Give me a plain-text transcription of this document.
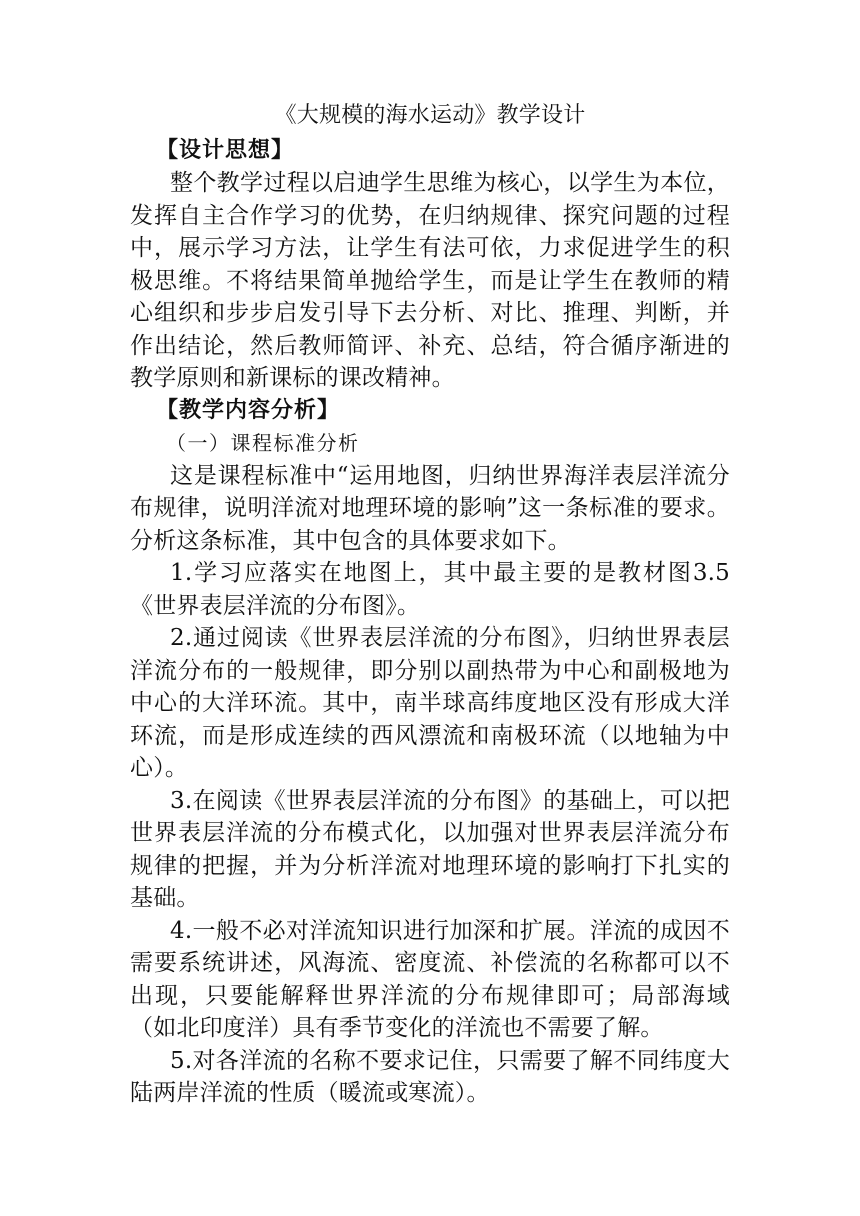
《大规模的海水运动》教学设计

【设计思想】

整个教学过程以启迪学生思维为核心，以学生为本位，发挥自主合作学习的优势，在归纳规律、探究问题的过程中，展示学习方法，让学生有法可依，力求促进学生的积极思维。不将结果简单抛给学生，而是让学生在教师的精心组织和步步启发引导下去分析、对比、推理、判断，并作出结论，然后教师简评、补充、总结，符合循序渐进的教学原则和新课标的课改精神。

【教学内容分析】

（一）课程标准分析

这是课程标准中“运用地图，归纳世界海洋表层洋流分布规律，说明洋流对地理环境的影响”这一条标准的要求。分析这条标准，其中包含的具体要求如下。

1.学习应落实在地图上，其中最主要的是教材图3.5《世界表层洋流的分布图》。

2.通过阅读《世界表层洋流的分布图》，归纳世界表层洋流分布的一般规律，即分别以副热带为中心和副极地为中心的大洋环流。其中，南半球高纬度地区没有形成大洋环流，而是形成连续的西风漂流和南极环流（以地轴为中心）。

3.在阅读《世界表层洋流的分布图》的基础上，可以把世界表层洋流的分布模式化，以加强对世界表层洋流分布规律的把握，并为分析洋流对地理环境的影响打下扎实的基础。

4.一般不必对洋流知识进行加深和扩展。洋流的成因不需要系统讲述，风海流、密度流、补偿流的名称都可以不出现，只要能解释世界洋流的分布规律即可；局部海域（如北印度洋）具有季节变化的洋流也不需要了解。

5.对各洋流的名称不要求记住，只需要了解不同纬度大陆两岸洋流的性质（暖流或寒流）。
